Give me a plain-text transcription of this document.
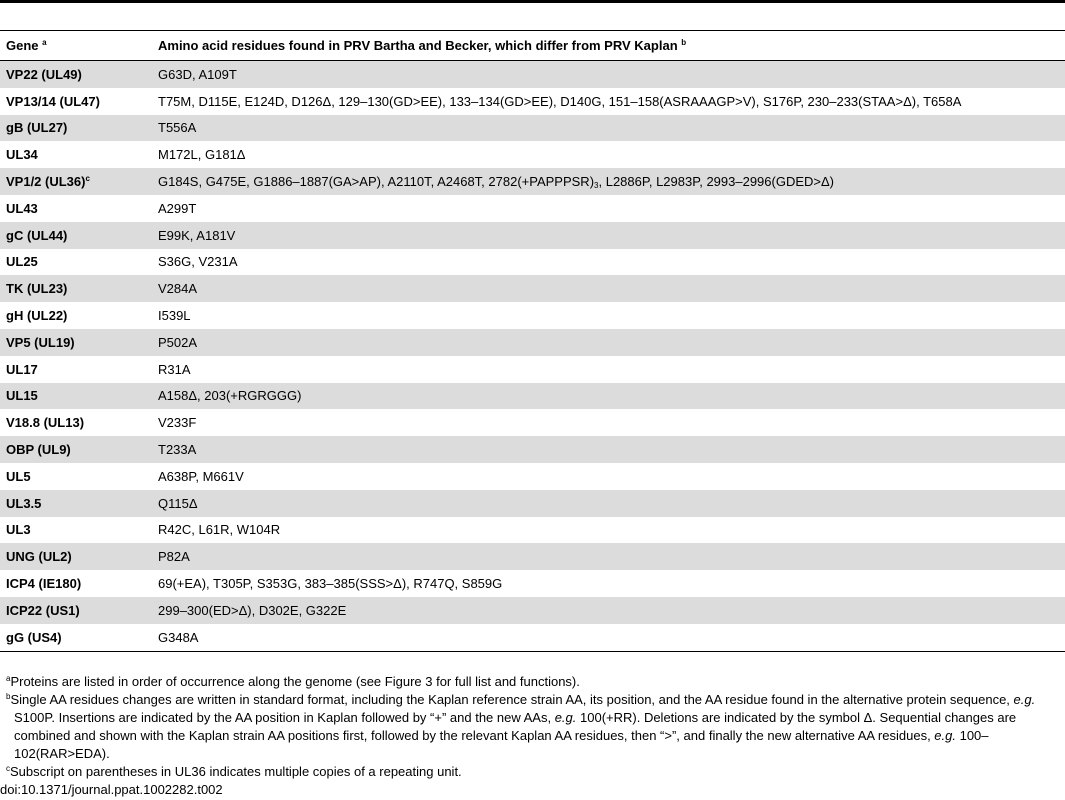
Gene $^a$	Amino acid residues found in PRV Bartha and Becker, which differ from PRV Kaplan $^b$
VP22 (UL49)	G63D, A109T
VP13/14 (UL47)	T75M, D115E, E124D, D126Δ, 129–130(GD>EE), 133–134(GD>EE), D140G, 151–158(ASRAAAGP>V), S176P, 230–233(STAA>Δ), T658A
gB (UL27)	T556A
UL34	M172L, G181Δ
VP1/2 $(UL36)^c$	G184S, G475E, G1886–1887(GA>AP), A2110T, A2468T, $2782(+PAPPPSR)_3$, L2886P, L2983P, 2993–2996(GDED>Δ)
UL43	A299T
gC (UL44)	E99K, A181V
UL25	S36G, V231A
TK (UL23)	V284A
gH (UL22)	I539L
VP5 (UL19)	P502A
UL17	R31A
UL15	A158Δ, 203(+RGRGGG)
V18.8 (UL13)	V233F
OBP (UL9)	T233A
UL5	A638P, M661V
UL3.5	Q115Δ
UL3	R42C, L61R, W104R
UNG (UL2)	P82A
ICP4 (IE180)	69(+EA), T305P, S353G, 383–385(SSS>Δ), R747Q, S859G
ICP22 (US1)	299–300(ED>Δ), D302E, G322E
gG (US4)	G348A
$^a$Proteins are listed in order of occurrence along the genome (see Figure 3 for full list and functions).
$^b$Single AA residues changes are written in standard format, including the Kaplan reference strain AA, its position, and the AA residue found in the alternative protein sequence, e.g. S100P. Insertions are indicated by the AA position in Kaplan followed by “+” and the new AAs, e.g. 100(+RR). Deletions are indicated by the symbol Δ. Sequential changes are combined and shown with the Kaplan strain AA positions first, followed by the relevant Kaplan AA residues, then “>”, and finally the new alternative AA residues, e.g. 100–102(RAR>EDA).
$^c$Subscript on parentheses in UL36 indicates multiple copies of a repeating unit.
doi:10.1371/journal.ppat.1002282.t002
